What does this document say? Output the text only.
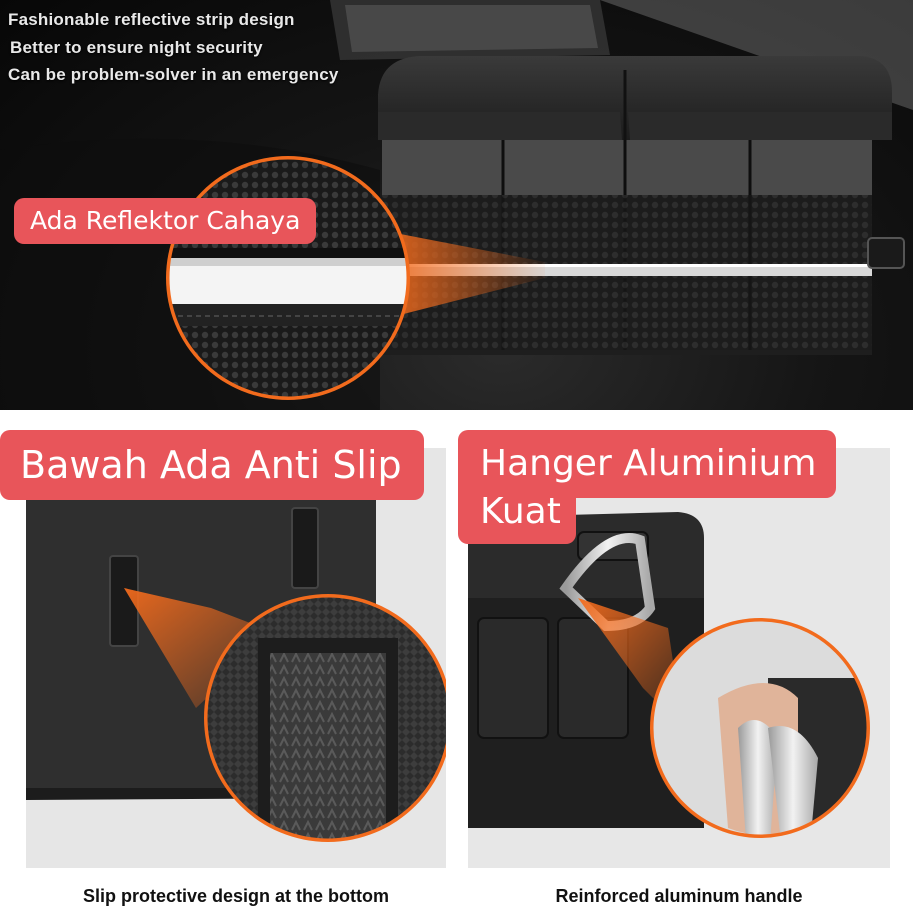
Fashionable reflective strip design
Better to ensure night security
Can be problem-solver in an emergency
Ada Reflektor Cahaya
Bawah Ada Anti Slip
Slip protective design at the bottom
Hanger Aluminium
Kuat
Reinforced aluminum handle
